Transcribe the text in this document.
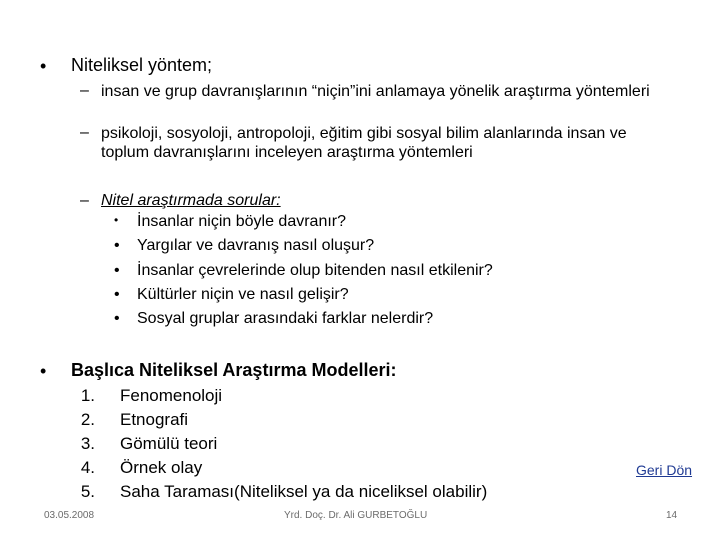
• Niteliksel yöntem;
– insan ve grup davranışlarının “niçin”ini anlamaya yönelik araştırma yöntemleri
– psikoloji, sosyoloji, antropoloji, eğitim gibi sosyal bilim alanlarında insan ve toplum davranışlarını inceleyen araştırma yöntemleri
– Nitel araştırmada sorular:
• İnsanlar niçin böyle davranır?
• Yargılar ve davranış nasıl oluşur?
• İnsanlar çevrelerinde olup bitenden nasıl etkilenir?
• Kültürler niçin ve nasıl gelişir?
• Sosyal gruplar arasındaki farklar nelerdir?
• Başlıca Niteliksel Araştırma Modelleri:
1. Fenomenoloji
2. Etnografi
3. Gömülü teori
4. Örnek olay
5. Saha Taraması(Niteliksel ya da niceliksel olabilir)
Geri Dön
03.05.2008	Yrd. Doç. Dr. Ali GURBETOĞLU	14
